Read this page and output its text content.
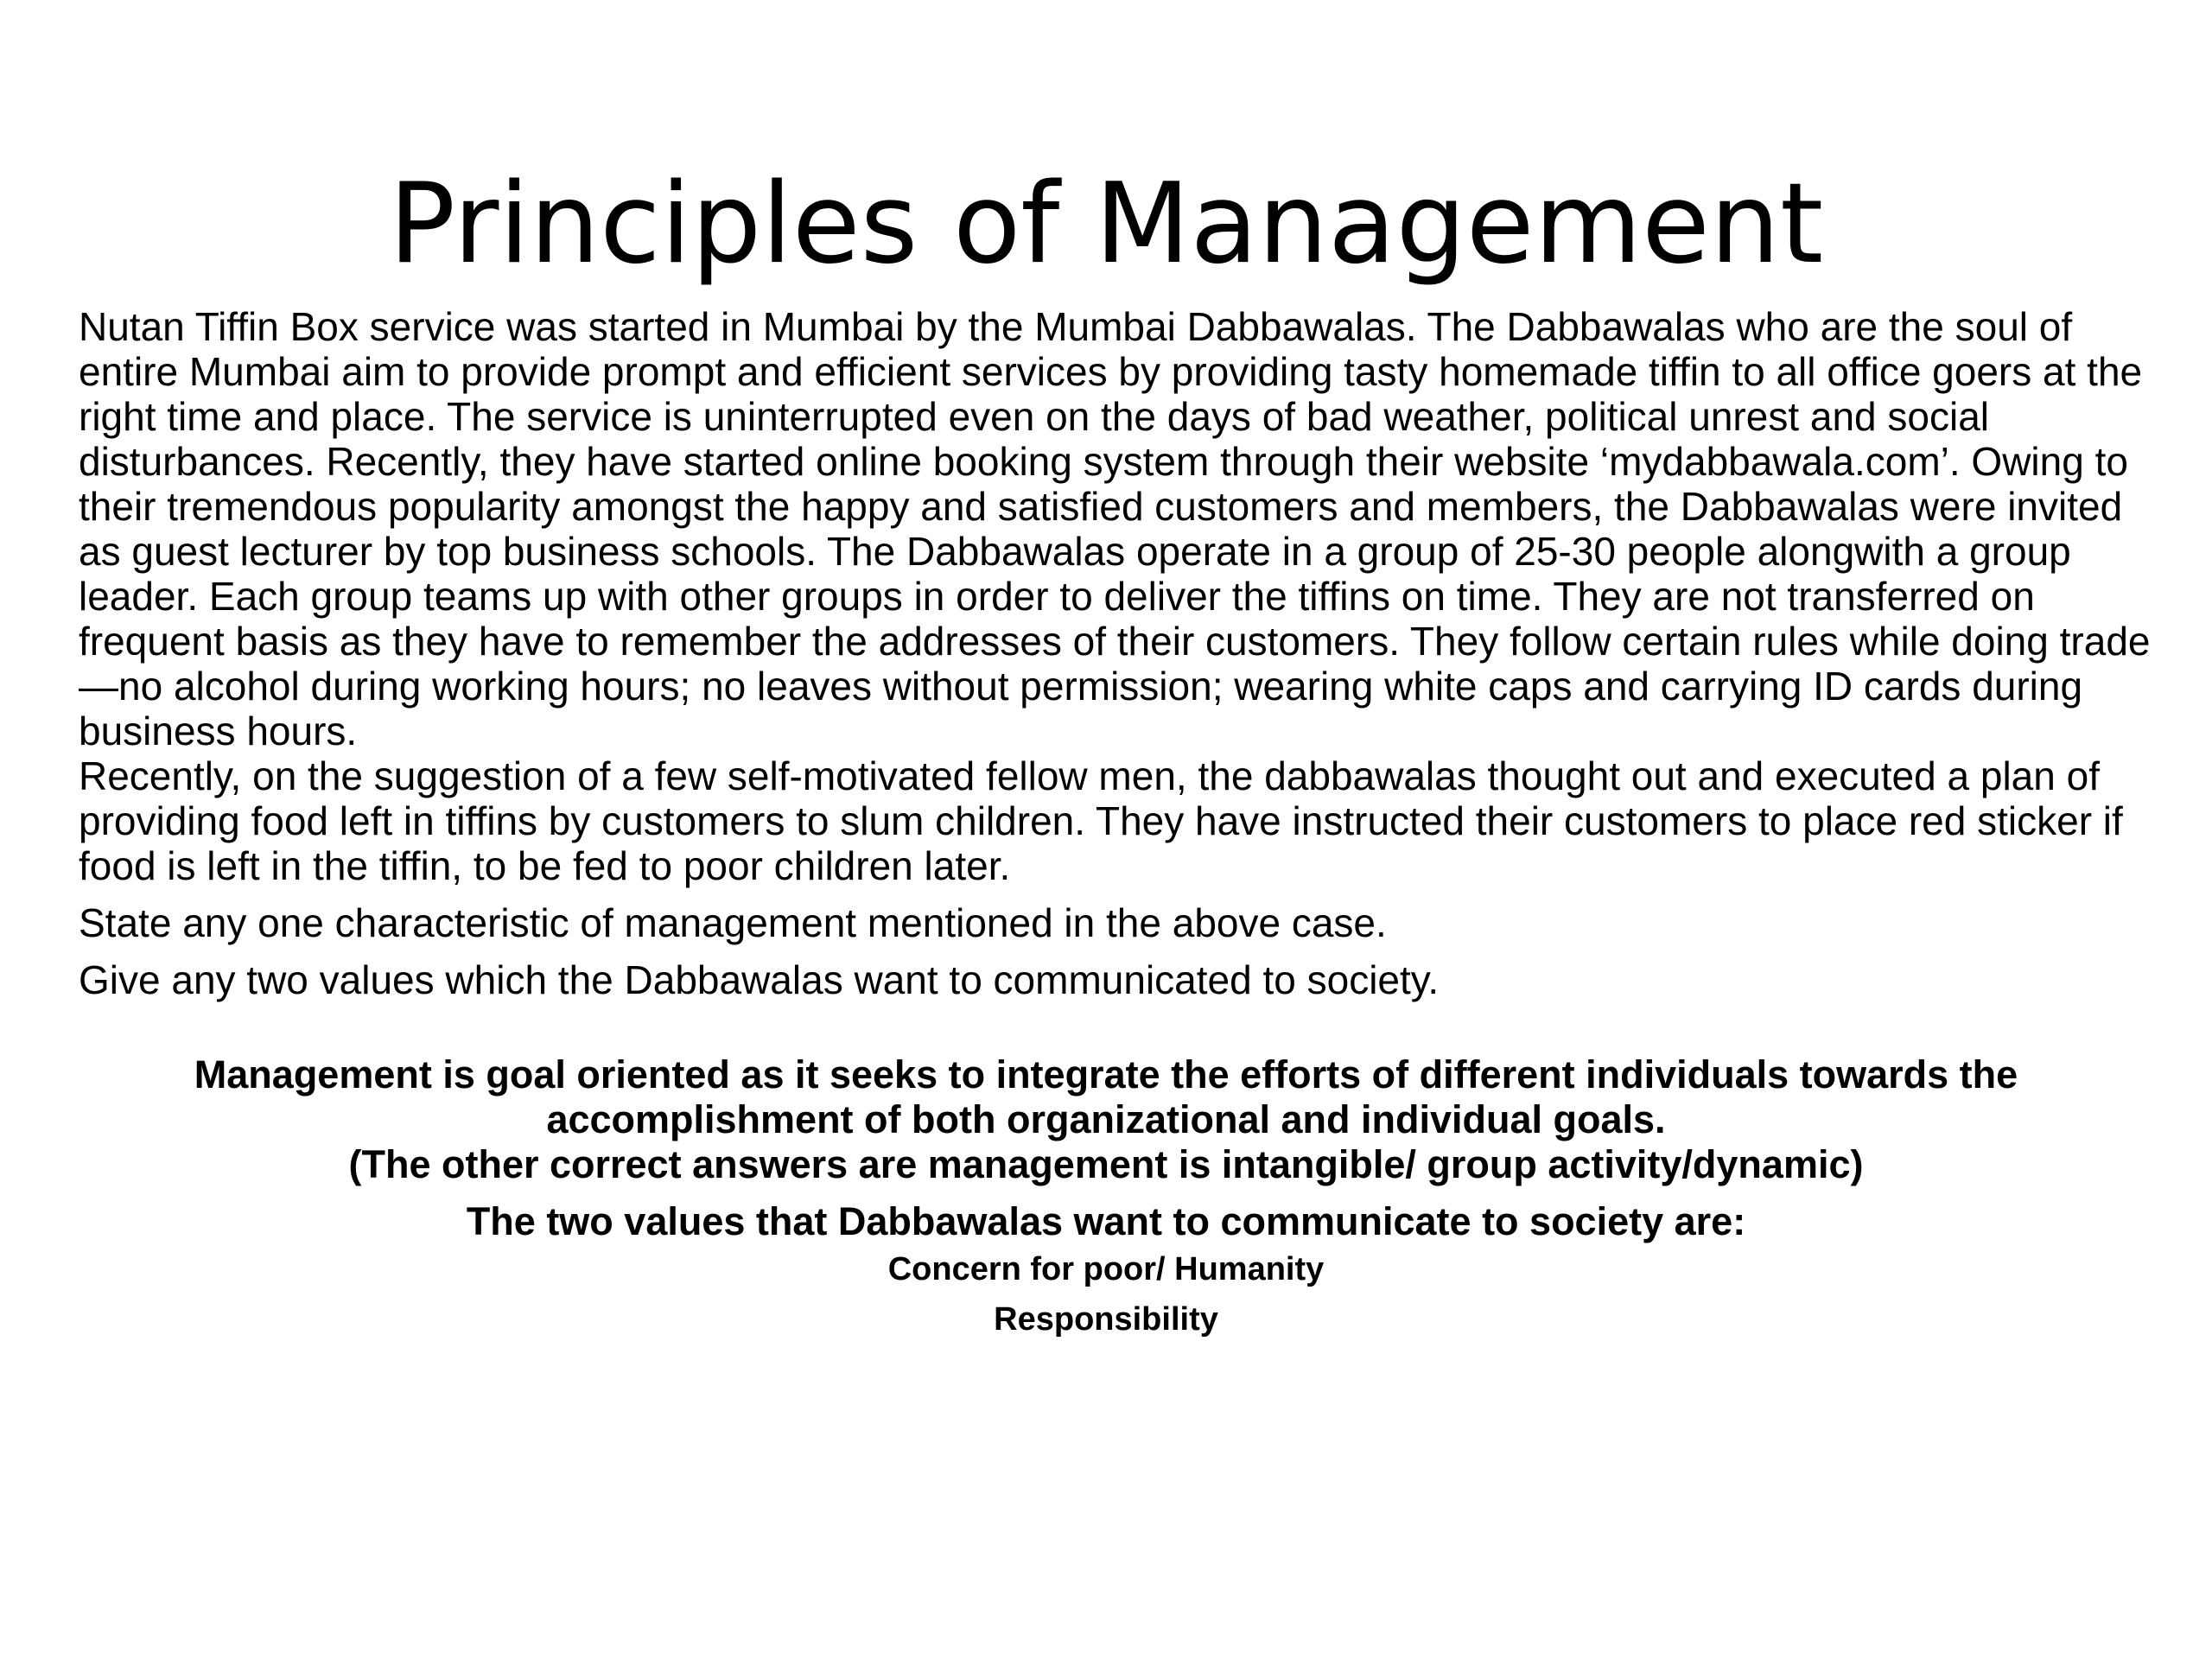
Principles of Management

Nutan Tiffin Box service was started in Mumbai by the Mumbai Dabbawalas. The Dabbawalas who are the soul of entire Mumbai aim to provide prompt and efficient services by providing tasty homemade tiffin to all office goers at the right time and place. The service is uninterrupted even on the days of bad weather, political unrest and social disturbances. Recently, they have started online booking system through their website ‘mydabbawala.com’. Owing to their tremendous popularity amongst the happy and satisfied customers and members, the Dabbawalas were invited as guest lecturer by top business schools. The Dabbawalas operate in a group of 25-30 people alongwith a group leader. Each group teams up with other groups in order to deliver the tiffins on time. They are not transferred on frequent basis as they have to remember the addresses of their customers. They follow certain rules while doing trade—no alcohol during working hours; no leaves without permission; wearing white caps and carrying ID cards during business hours.

Recently, on the suggestion of a few self-motivated fellow men, the dabbawalas thought out and executed a plan of providing food left in tiffins by customers to slum children. They have instructed their customers to place red sticker if food is left in the tiffin, to be fed to poor children later.

State any one characteristic of management mentioned in the above case.

Give any two values which the Dabbawalas want to communicated to society.

Management is goal oriented as it seeks to integrate the efforts of different individuals towards the accomplishment of both organizational and individual goals.

(The other correct answers are management is intangible/ group activity/dynamic)

The two values that Dabbawalas want to communicate to society are:

Concern for poor/ Humanity

Responsibility
